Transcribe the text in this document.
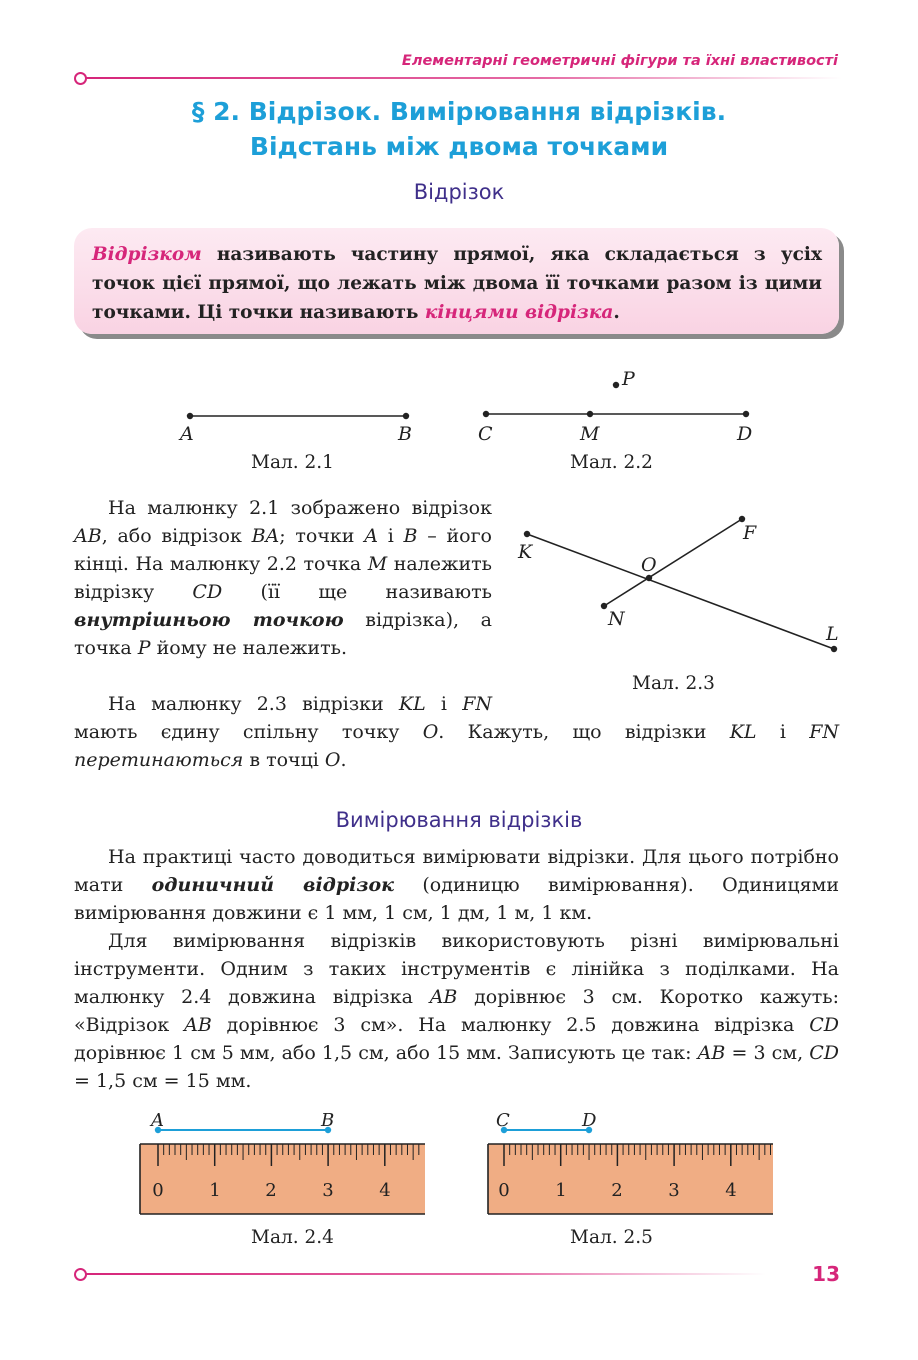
Елементарні геометричні фігури та їхні властивості
§ 2. Відрізок. Вимірювання відрізків.
Відстань між двома точками
Відрізок
Відрізком називають частину прямої, яка складається з усіх точок цієї прямої, що лежать між двома її точками разом із цими точками. Ці точки називають кінцями відрізка.
A	B	C	M	D
P
Мал. 2.1	Мал. 2.2
На малюнку 2.1 зображено відрізок AB, або відрізок BA; точки A і B – його кінці. На малюнку 2.2 точка M належить відрізку CD (її ще називають внутрішньою точкою відрізка), а точка P йому не належить.
K
F
O
N
L
Мал. 2.3
На малюнку 2.3 відрізки KL і FN мають єдину спільну точку O. Кажуть, що відрізки KL і FN перетинаються в точці O.
Вимірювання відрізків
На практиці часто доводиться вимірювати відрізки. Для цього потрібно мати одиничний відрізок (одиницю вимірювання). Одиницями вимірювання довжини є 1 мм, 1 см, 1 дм, 1 м, 1 км.
Для вимірювання відрізків використовують різні вимірювальні інструменти. Одним з таких інструментів є лінійка з поділками. На малюнку 2.4 довжина відрізка AB дорівнює 3 см. Коротко кажуть: «Відрізок AB дорівнює 3 см». На малюнку 2.5 довжина відрізка CD дорівнює 1 см 5 мм, або 1,5 см, або 15 мм. Записують це так: AB = 3 см, CD = 1,5 см = 15 мм.
A	B
0	1 2	3	4
Мал. 2.4
C	D
0	1 2	3	4
Мал. 2.5
13
